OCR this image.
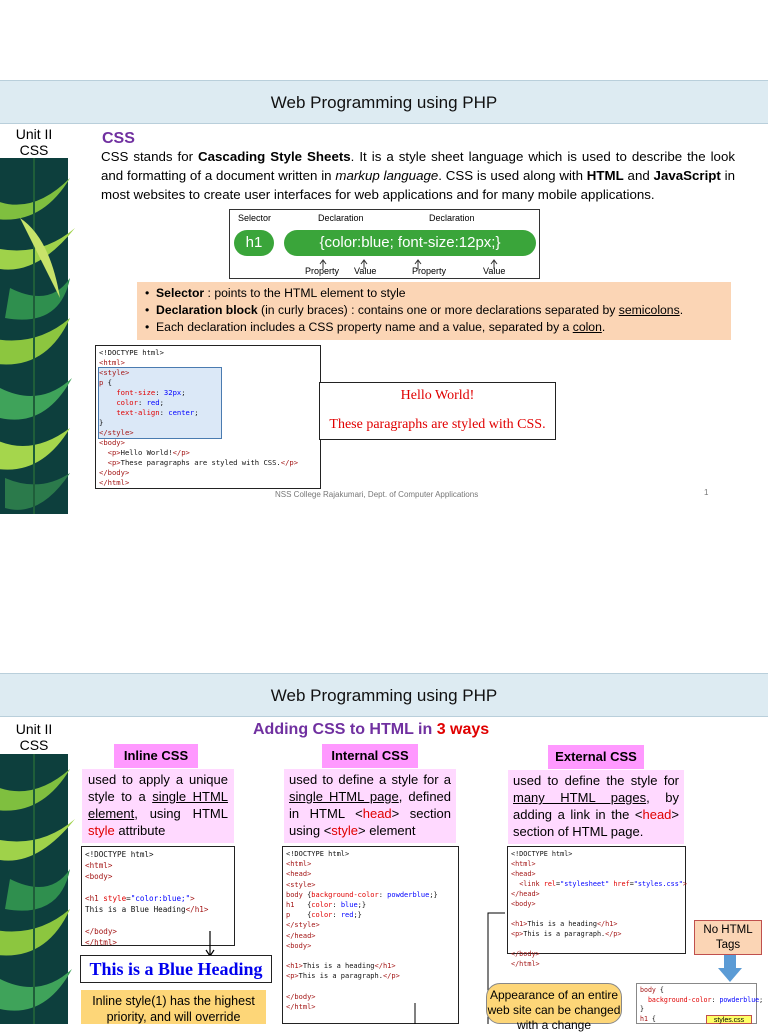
Web Programming using PHP
Unit II
CSS
CSS
CSS stands for Cascading Style Sheets. It is a style sheet language which is used to describe the look and formatting of a document written in markup language. CSS is used along with HTML and JavaScript in most websites to create user interfaces for web applications and for many mobile applications.
Selector	Declaration	Declaration
h1	{color:blue; font-size:12px;}
Property Value	Property	Value
•  Selector : points to the HTML element to style
•  Declaration block (in curly braces) : contains one or more declarations separated by semicolons.
•  Each declaration includes a CSS property name and a value, separated by a colon.
<!DOCTYPE html>
<html>
<style>
p {
font-size: 32px;
color: red;
text-align: center;
}
</style>
<body>
<p>Hello World!</p>
<p>These paragraphs are styled with CSS.</p>
</body>
</html>
Hello World!
These paragraphs are styled with CSS.
NSS College Rajakumari, Dept. of Computer Applications	1
Web Programming using PHP
Unit II
CSS
Adding CSS to HTML in 3 ways
Inline CSS	Internal CSS	External CSS
used to apply a unique style to a single HTML element, using HTML style attribute
used to define a style for a single HTML page, defined in HTML <head> section using <style> element
used to define the style for many HTML pages, by adding a link in the <head> section of HTML page.
<!DOCTYPE html>
<html>
<body>

<h1 style="color:blue;">
This is a Blue Heading</h1>

</body>
</html>
This is a Blue Heading
Inline style(1) has the highest priority, and will override
<!DOCTYPE html>
<html>
<head>
<style>
body {background-color: powderblue;}
h1   {color: blue;}
p    {color: red;}
</style>
</head>
<body>

<h1>This is a heading</h1>
<p>This is a paragraph.</p>

</body>
</html>
<!DOCTYPE html>
<html>
<head>
<link rel="stylesheet" href="styles.css">
</head>
<body>

<h1>This is a heading</h1>
<p>This is a paragraph.</p>

</body>
</html>
No HTML Tags
body {
background-color: powderblue;
}
h1 {	styles.css
Appearance of an entire web site can be changed with a change
